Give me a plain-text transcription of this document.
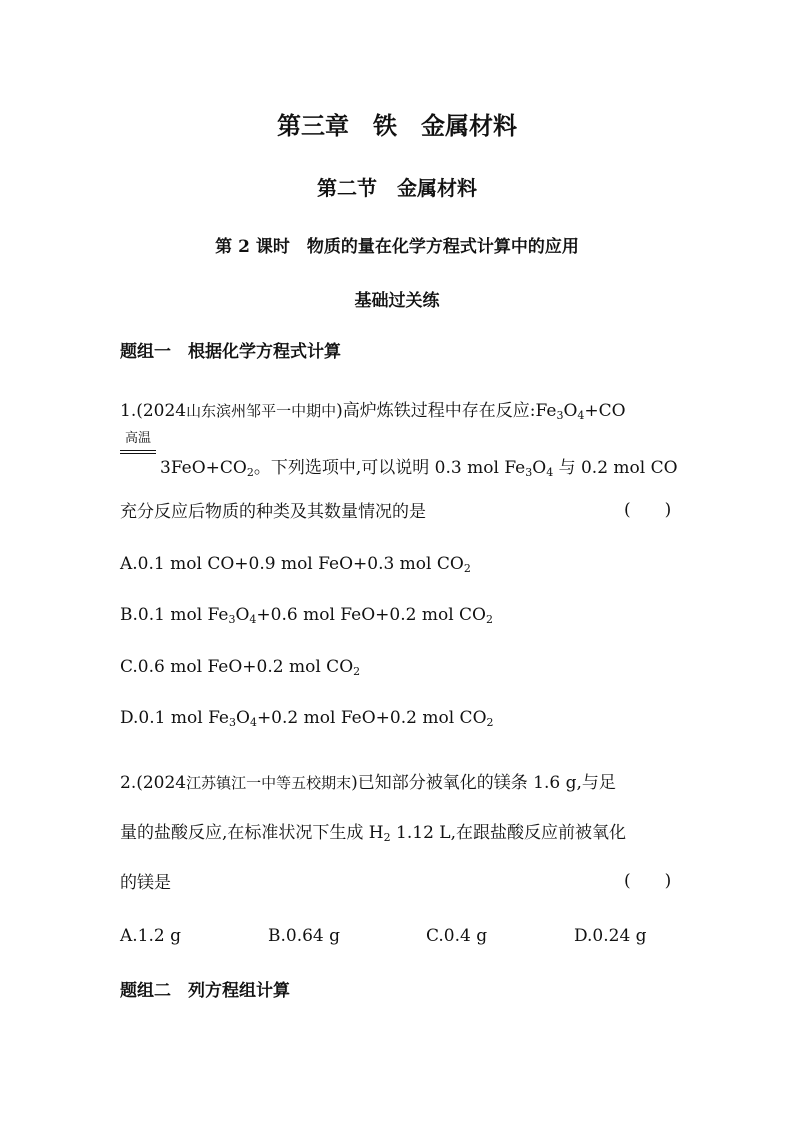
第三章　铁　金属材料
第二节　金属材料
第 2 课时　物质的量在化学方程式计算中的应用
基础过关练
题组一　根据化学方程式计算
1.(2024山东滨州邹平一中期中)高炉炼铁过程中存在反应$:Fe_3O_4+CO$
高温
$3FeO+CO_2$。下列选项中,可以说明 0.3 mol $Fe_3O_4$ 与 0.2 mol CO
充分反应后物质的种类及其数量情况的是	(　　)
A.0.1 mol CO+0.9 mol FeO+0.3 mol $CO_2$
B.0.1 mol $Fe_3O_4+0.6$ mol FeO+0.2 mol $CO_2$
C.0.6 mol FeO+0.2 mol $CO_2$
D.0.1 mol $Fe_3O_4+0.2$ mol FeO+0.2 mol $CO_2$
2.(2024江苏镇江一中等五校期末)已知部分被氧化的镁条 1.6 g,与足
量的盐酸反应,在标准状况下生成 $H_2$ 1.12 L,在跟盐酸反应前被氧化
的镁是	(　　)
A.1.2 g	B.0.64 g	C.0.4 g	D.0.24 g
题组二　列方程组计算
